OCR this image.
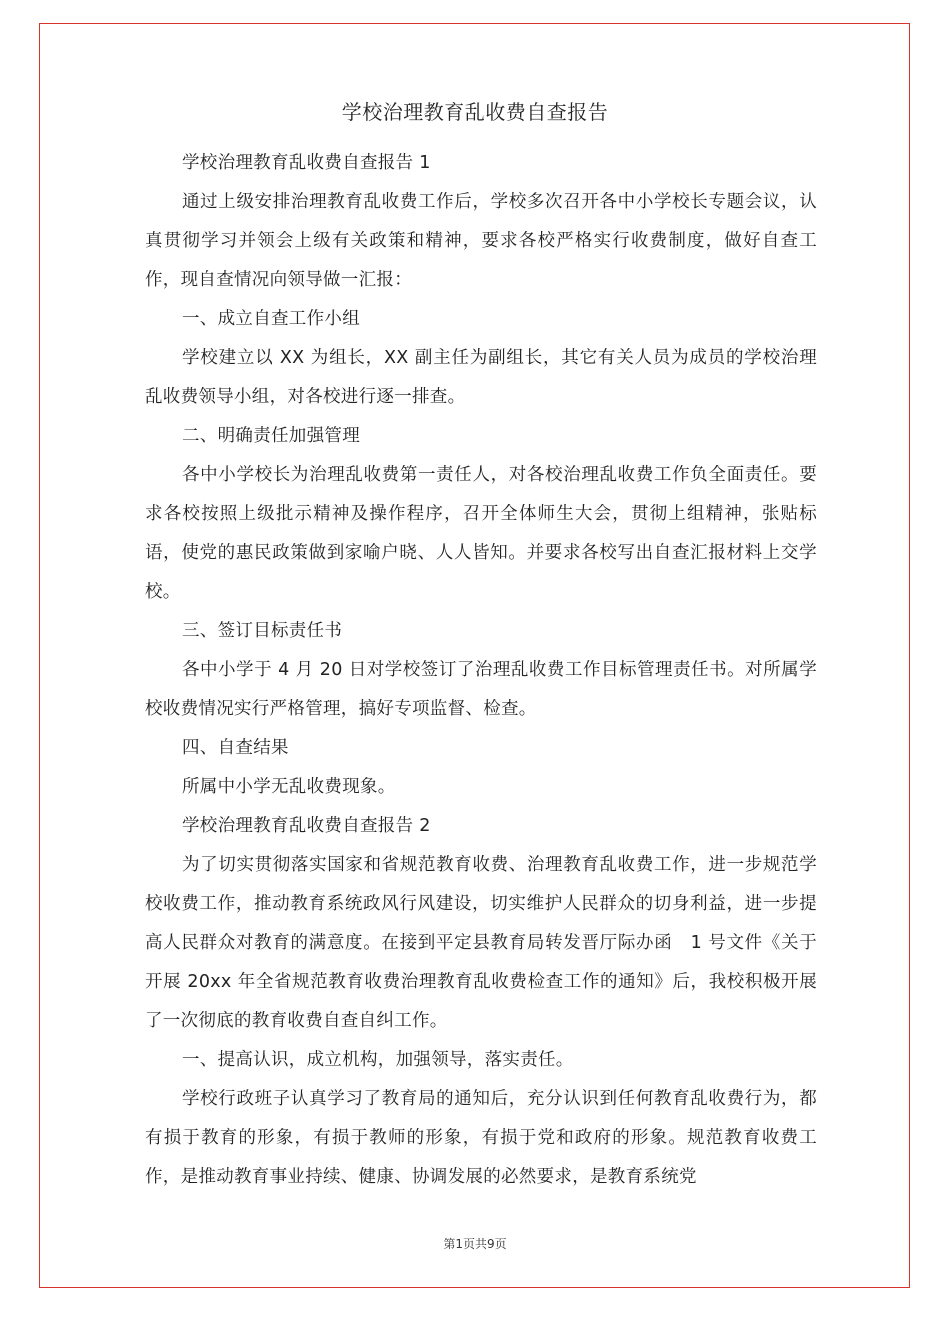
学校治理教育乱收费自查报告

学校治理教育乱收费自查报告 1

通过上级安排治理教育乱收费工作后，学校多次召开各中小学校长专题会议，认真贯彻学习并领会上级有关政策和精神，要求各校严格实行收费制度，做好自查工作，现自查情况向领导做一汇报：

一、成立自查工作小组

学校建立以 XX 为组长，XX 副主任为副组长，其它有关人员为成员的学校治理乱收费领导小组，对各校进行逐一排查。

二、明确责任加强管理

各中小学校长为治理乱收费第一责任人，对各校治理乱收费工作负全面责任。要求各校按照上级批示精神及操作程序，召开全体师生大会，贯彻上组精神，张贴标语，使党的惠民政策做到家喻户晓、人人皆知。并要求各校写出自查汇报材料上交学校。

三、签订目标责任书

各中小学于 4 月 20 日对学校签订了治理乱收费工作目标管理责任书。对所属学校收费情况实行严格管理，搞好专项监督、检查。

四、自查结果

所属中小学无乱收费现象。

学校治理教育乱收费自查报告 2

为了切实贯彻落实国家和省规范教育收费、治理教育乱收费工作，进一步规范学校收费工作，推动教育系统政风行风建设，切实维护人民群众的切身利益，进一步提高人民群众对教育的满意度。在接到平定县教育局转发晋厅际办函　1 号文件《关于开展 20xx 年全省规范教育收费治理教育乱收费检查工作的通知》后，我校积极开展了一次彻底的教育收费自查自纠工作。

一、提高认识，成立机构，加强领导，落实责任。

学校行政班子认真学习了教育局的通知后，充分认识到任何教育乱收费行为，都有损于教育的形象，有损于教师的形象，有损于党和政府的形象。规范教育收费工作，是推动教育事业持续、健康、协调发展的必然要求，是教育系统党

第1页共9页
